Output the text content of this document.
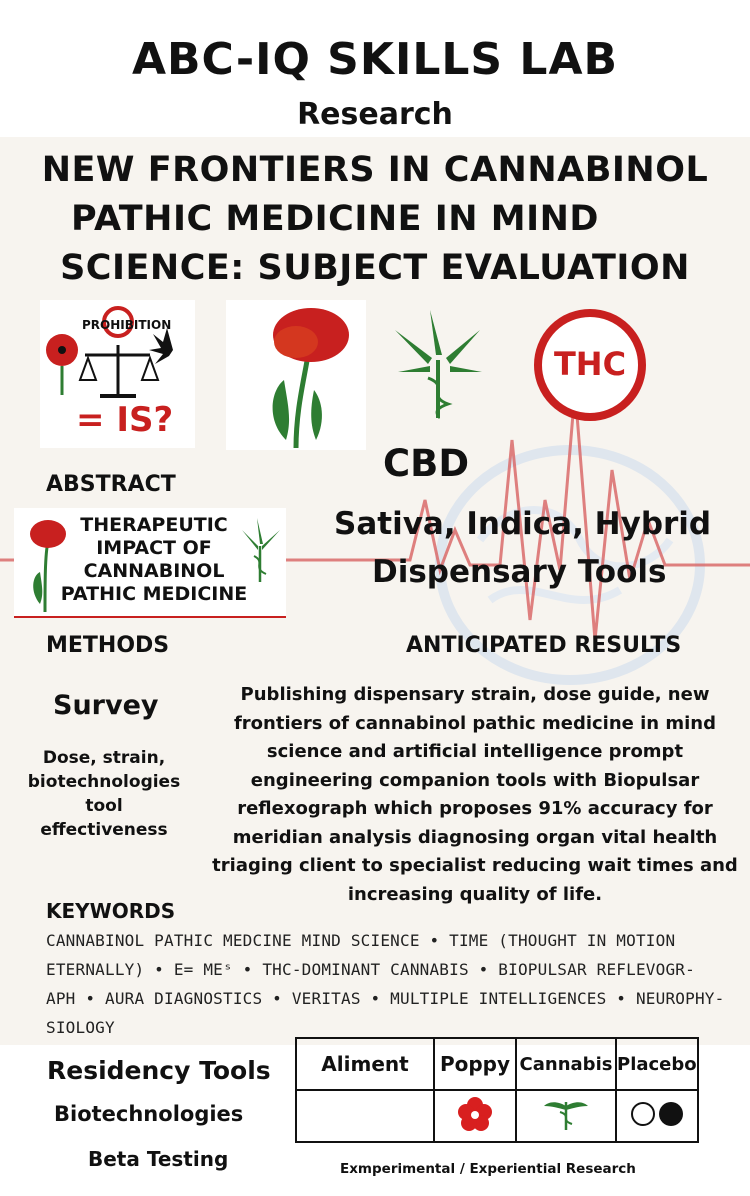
ABC-IQ SKILLS LAB
Research
NEW FRONTIERS IN CANNABINOL
PATHIC MEDICINE IN MIND
SCIENCE: SUBJECT EVALUATION
PROHIBITION
= IS?
THC
ABSTRACT
THERAPEUTIC
IMPACT OF
CANNABINOL
PATHIC MEDICINE
CBD
Sativa, Indica, Hybrid
Dispensary Tools
METHODS
Survey
Dose, strain,
biotechnologies
tool
effectiveness
ANTICIPATED RESULTS
Publishing dispensary strain, dose guide, new
frontiers of cannabinol pathic medicine in mind
science and artificial intelligence prompt
engineering companion tools with Biopulsar
reflexograph which proposes 91% accuracy for
meridian analysis diagnosing organ vital health
triaging client to specialist reducing wait times and
increasing quality of life.
KEYWORDS
CANNABINOL PATHIC MEDCINE MIND SCIENCE • TIME (THOUGHT IN MOTION
ETERNALLY) • E= MEˢ • THC-DOMINANT CANNABIS • BIOPULSAR REFLEVOGR-
APH • AURA DIAGNOSTICS • VERITAS • MULTIPLE INTELLIGENCES • NEUROPHY-
SIOLOGY
Residency Tools
Biotechnologies
Beta Testing
Aliment	Poppy	Cannabis	Placebo

Exmperimental / Experiential Research
